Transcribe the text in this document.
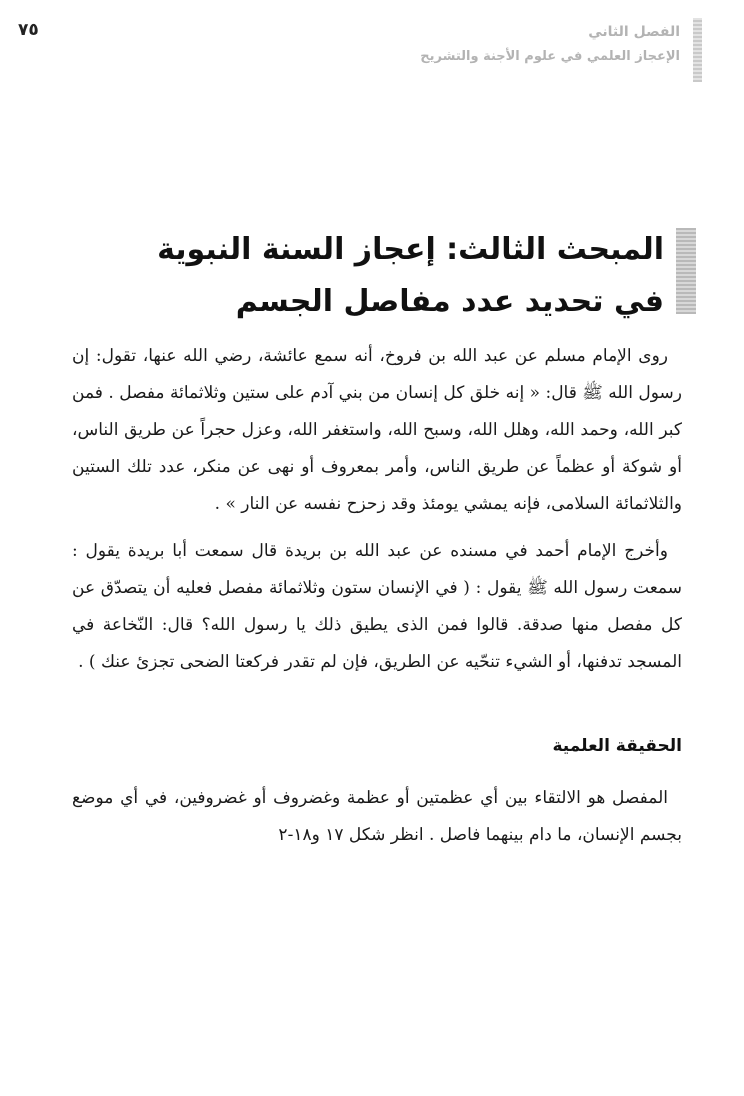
٧٥	الفصل الثاني
الإعجاز العلمي في علوم الأجنة والتشريح
المبحث الثالث: إعجاز السنة النبوية
في تحديد عدد مفاصل الجسم

روى الإمام مسلم عن عبد الله بن فروخ، أنه سمع عائشة، رضي الله عنها، تقول: إن رسول الله ﷺ قال: « إنه خلق كل إنسان من بني آدم على ستين وثلاثمائة مفصل . فمن كبر الله، وحمد الله، وهلل الله، وسبح الله، واستغفر الله، وعزل حجراً عن طريق الناس، أو شوكة أو عظماً عن طريق الناس، وأمر بمعروف أو نهى عن منكر، عدد تلك الستين والثلاثمائة السلامى، فإنه يمشي يومئذ وقد زحزح نفسه عن النار » .

وأخرج الإمام أحمد في مسنده عن عبد الله بن بريدة قال سمعت أبا بريدة يقول : سمعت رسول الله ﷺ يقول : ( في الإنسان ستون وثلاثمائة مفصل فعليه أن يتصدّق عن كل مفصل منها صدقة. قالوا فمن الذى يطيق ذلك يا رسول الله؟ قال: النّخاعة في المسجد تدفنها، أو الشيء تنحّيه عن الطريق، فإن لم تقدر فركعتا الضحى تجزئ عنك ) .

الحقيقة العلمية

المفصل هو الالتقاء بين أي عظمتين أو عظمة وغضروف أو غضروفين، في أي موضع بجسم الإنسان، ما دام بينهما فاصل . انظر شكل ١٧ و١٨-٢
